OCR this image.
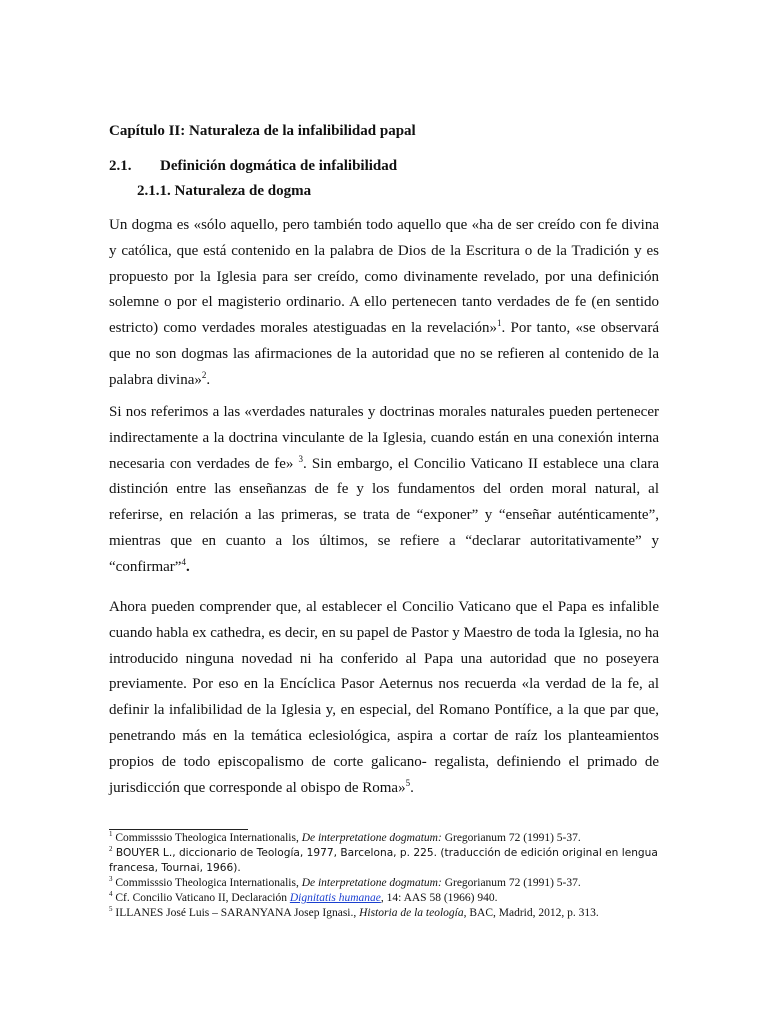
Capítulo II: Naturaleza de la infalibilidad papal
2.1. Definición dogmática de infalibilidad
2.1.1. Naturaleza de dogma

Un dogma es «sólo aquello, pero también todo aquello que «ha de ser creído con fe divina y católica, que está contenido en la palabra de Dios de la Escritura o de la Tradición y es propuesto por la Iglesia para ser creído, como divinamente revelado, por una definición solemne o por el magisterio ordinario. A ello pertenecen tanto verdades de fe (en sentido estricto) como verdades morales atestiguadas en la revelación»$^1$. Por tanto, «se observará que no son dogmas las afirmaciones de la autoridad que no se refieren al contenido de la palabra divina»$^2$.

Si nos referimos a las «verdades naturales y doctrinas morales naturales pueden pertenecer indirectamente a la doctrina vinculante de la Iglesia, cuando están en una conexión interna necesaria con verdades de fe» $^3$. Sin embargo, el Concilio Vaticano II establece una clara distinción entre las enseñanzas de fe y los fundamentos del orden moral natural, al referirse, en relación a las primeras, se trata de “exponer” y “enseñar auténticamente”, mientras que en cuanto a los últimos, se refiere a “declarar autoritativamente” y “confirmar”$^4$.

Ahora pueden comprender que, al establecer el Concilio Vaticano que el Papa es infalible cuando habla ex cathedra, es decir, en su papel de Pastor y Maestro de toda la Iglesia, no ha introducido ninguna novedad ni ha conferido al Papa una autoridad que no poseyera previamente. Por eso en la Encíclica Pasor Aeternus nos recuerda «la verdad de la fe, al definir la infalibilidad de la Iglesia y, en especial, del Romano Pontífice, a la que par que, penetrando más en la temática eclesiológica, aspira a cortar de raíz los planteamientos propios de todo episcopalismo de corte galicano- regalista, definiendo el primado de jurisdicción que corresponde al obispo de Roma»$^5$.

$^1$ Commisssio Theologica Internationalis, De interpretatione dogmatum: Gregorianum 72 (1991) 5-37.

$^2$ BOUYER L., diccionario de Teología, 1977, Barcelona, p. 225. (traducción de edición original en lengua francesa, Tournai, 1966).

$^3$ Commisssio Theologica Internationalis, De interpretatione dogmatum: Gregorianum 72 (1991) 5-37.

$^4$ Cf. Concilio Vaticano II, Declaración Dignitatis humanae, 14: AAS 58 (1966) 940.

$^5$ ILLANES José Luis – SARANYANA Josep Ignasi., Historia de la teología, BAC, Madrid, 2012, p. 313.
